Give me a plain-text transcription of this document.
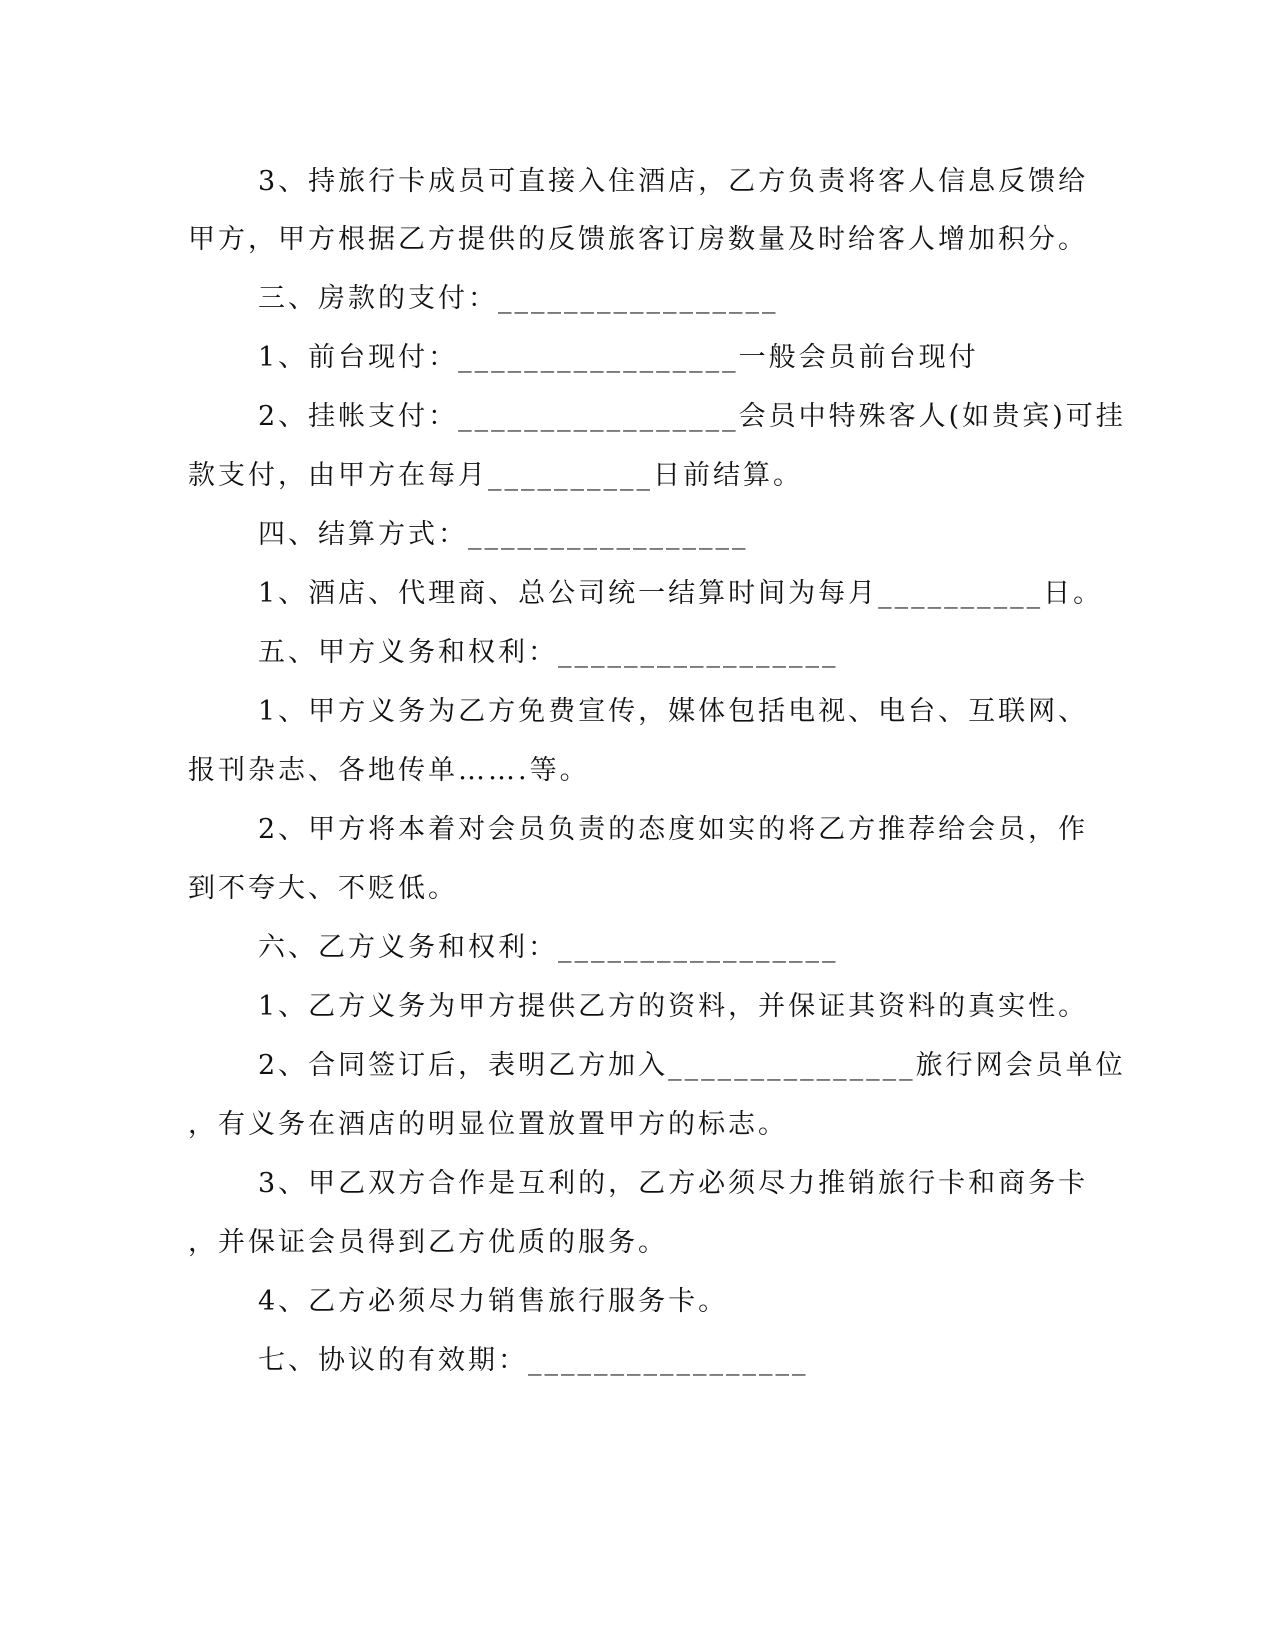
3、持旅行卡成员可直接入住酒店，乙方负责将客人信息反馈给
甲方，甲方根据乙方提供的反馈旅客订房数量及时给客人增加积分。
三、房款的支付：_________________
1、前台现付：_________________一般会员前台现付
2、挂帐支付：_________________会员中特殊客人(如贵宾)可挂
款支付，由甲方在每月__________日前结算。
四、结算方式：_________________
1、酒店、代理商、总公司统一结算时间为每月__________日。
五、甲方义务和权利：_________________
1、甲方义务为乙方免费宣传，媒体包括电视、电台、互联网、
报刊杂志、各地传单…….等。
2、甲方将本着对会员负责的态度如实的将乙方推荐给会员，作
到不夸大、不贬低。
六、乙方义务和权利：_________________
1、乙方义务为甲方提供乙方的资料，并保证其资料的真实性。
2、合同签订后，表明乙方加入_______________旅行网会员单位
，有义务在酒店的明显位置放置甲方的标志。
3、甲乙双方合作是互利的，乙方必须尽力推销旅行卡和商务卡
，并保证会员得到乙方优质的服务。
4、乙方必须尽力销售旅行服务卡。
七、协议的有效期：_________________
